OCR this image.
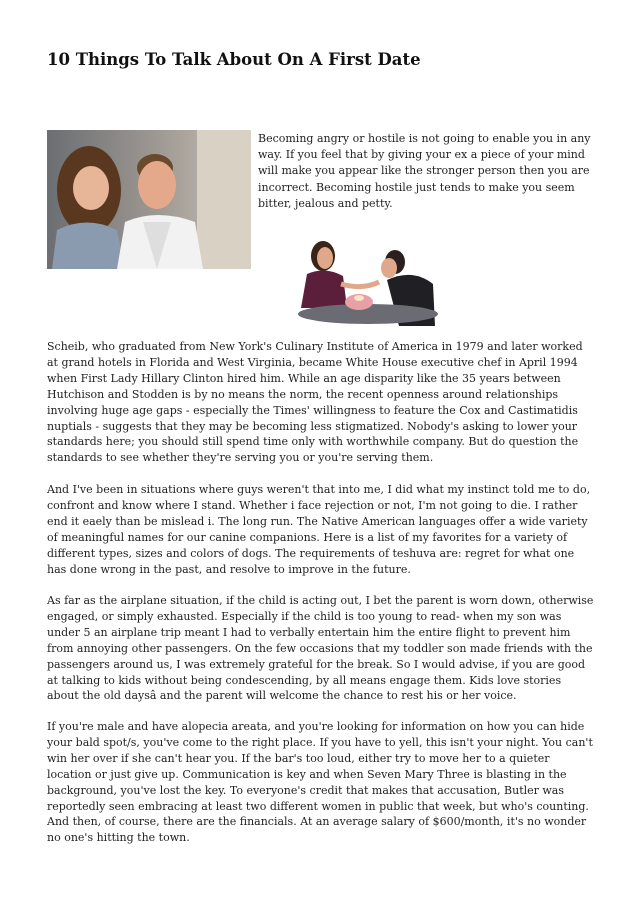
10 Things To Talk About On A First Date

Becoming angry or hostile is not going to enable you in any way. If you feel that by giving your ex a piece of your mind will make you appear like the stronger person then you are incorrect. Becoming hostile just tends to make you seem bitter, jealous and petty.

Scheib, who graduated from New York's Culinary Institute of America in 1979 and later worked at grand hotels in Florida and West Virginia, became White House executive chef in April 1994 when First Lady Hillary Clinton hired him. While an age disparity like the 35 years between Hutchison and Stodden is by no means the norm, the recent openness around relationships involving huge age gaps - especially the Times' willingness to feature the Cox and Castimatidis nuptials - suggests that they may be becoming less stigmatized. Nobody's asking to lower your standards here; you should still spend time only with worthwhile company. But do question the standards to see whether they're serving you or you're serving them.

And I've been in situations where guys weren't that into me, I did what my instinct told me to do, confront and know where I stand. Whether i face rejection or not, I'm not going to die. I rather end it eaely than be mislead i. The long run. The Native American languages offer a wide variety of meaningful names for our canine companions. Here is a list of my favorites for a variety of different types, sizes and colors of dogs. The requirements of teshuva are: regret for what one has done wrong in the past, and resolve to improve in the future.

As far as the airplane situation, if the child is acting out, I bet the parent is worn down, otherwise engaged, or simply exhausted. Especially if the child is too young to read- when my son was under 5 an airplane trip meant I had to verbally entertain him the entire flight to prevent him from annoying other passengers. On the few occasions that my toddler son made friends with the passengers around us, I was extremely grateful for the break. So I would advise, if you are good at talking to kids without being condescending, by all means engage them. Kids love stories about the old daysâ and the parent will welcome the chance to rest his or her voice.

If you're male and have alopecia areata, and you're looking for information on how you can hide your bald spot/s, you've come to the right place. If you have to yell, this isn't your night. You can't win her over if she can't hear you. If the bar's too loud, either try to move her to a quieter location or just give up. Communication is key and when Seven Mary Three is blasting in the background, you've lost the key. To everyone's credit that makes that accusation, Butler was reportedly seen embracing at least two different women in public that week, but who's counting. And then, of course, there are the financials. At an average salary of $600/month, it's no wonder no one's hitting the town.
